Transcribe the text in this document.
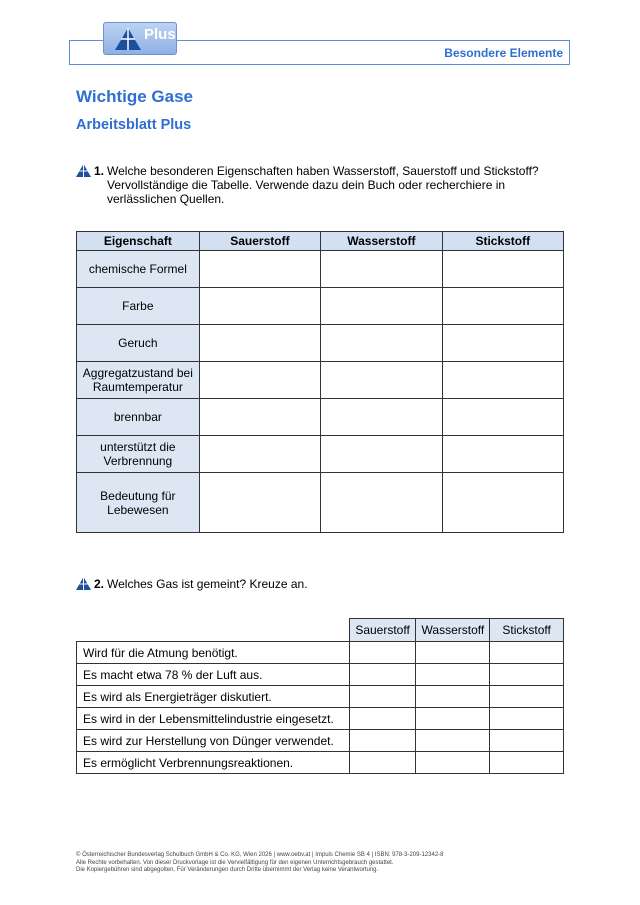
Besondere Elemente
Plus
Wichtige Gase
Arbeitsblatt Plus
1. Welche besonderen Eigenschaften haben Wasserstoff, Sauerstoff und Stickstoff? Vervollständige die Tabelle. Verwende dazu dein Buch oder recherchiere in verlässlichen Quellen.
Eigenschaft	Sauerstoff	Wasserstoff	Stickstoff
chemische Formel			
Farbe			
Geruch			
Aggregatzustand bei Raumtemperatur			
brennbar			
unterstützt die Verbrennung			
Bedeutung für Lebewesen			
2. Welches Gas ist gemeint? Kreuze an.
	Sauerstoff	Wasserstoff	Stickstoff
Wird für die Atmung benötigt.			
Es macht etwa 78 % der Luft aus.			
Es wird als Energieträger diskutiert.			
Es wird in der Lebensmittelindustrie eingesetzt.			
Es wird zur Herstellung von Dünger verwendet.			
Es ermöglicht Verbrennungsreaktionen.			
© Österreichischer Bundesverlag Schulbuch GmbH & Co. KG, Wien 2026 | www.oebv.at | Impuls Chemie SB 4 | ISBN: 978-3-209-12342-8
Alle Rechte vorbehalten. Von dieser Druckvorlage ist die Vervielfältigung für den eigenen Unterrichtsgebrauch gestattet.
Die Kopiergebühren sind abgegolten. Für Veränderungen durch Dritte übernimmt der Verlag keine Verantwortung.
